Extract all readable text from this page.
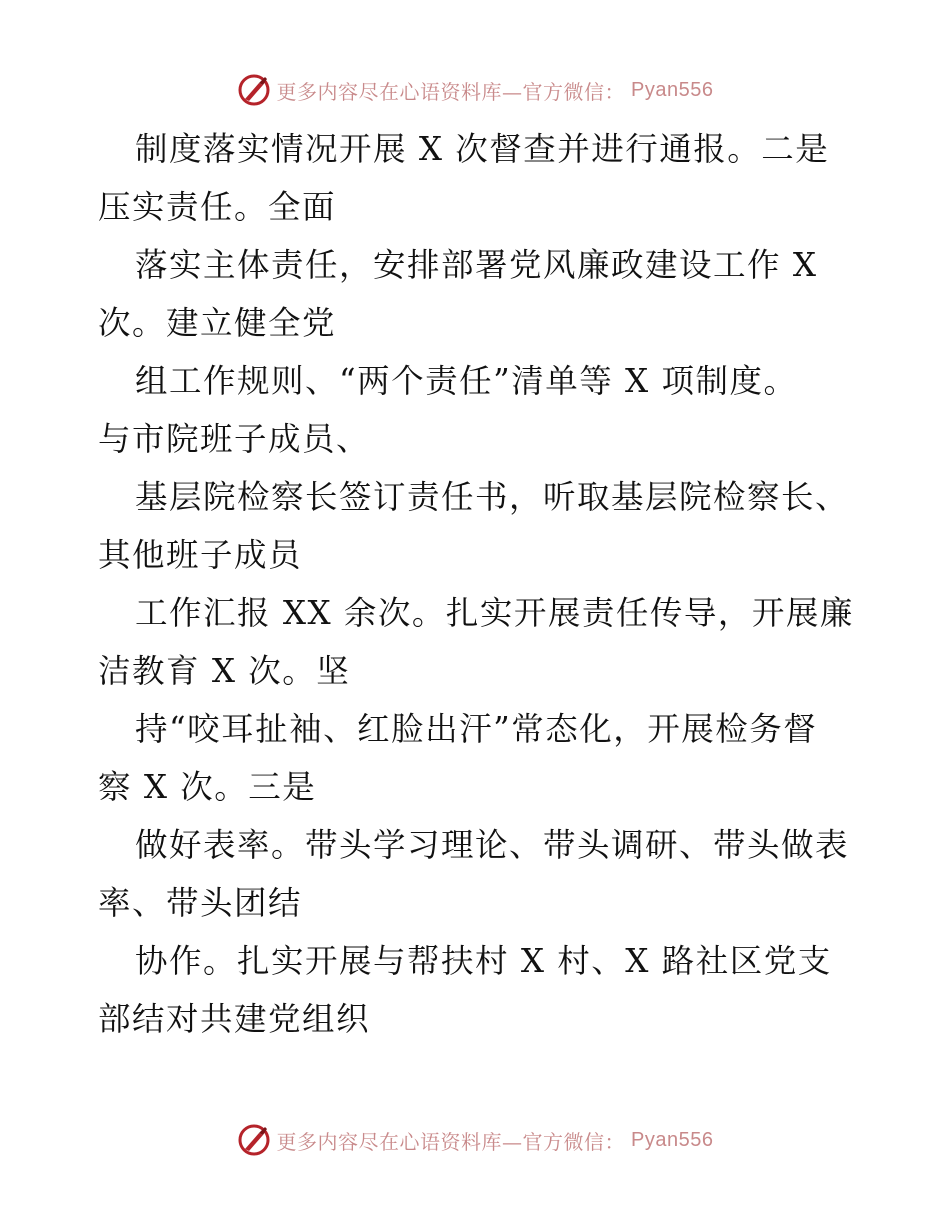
更多内容尽在心语资料库—官方微信： Pyan556
制度落实情况开展 X 次督查并进行通报。二是
压实责任。全面
落实主体责任，安排部署党风廉政建设工作 X
次。建立健全党
组工作规则、“两个责任”清单等 X 项制度。
与市院班子成员、
基层院检察长签订责任书，听取基层院检察长、
其他班子成员
工作汇报 XX 余次。扎实开展责任传导，开展廉
洁教育 X 次。坚
持“咬耳扯袖、红脸出汗”常态化，开展检务督
察 X 次。三是
做好表率。带头学习理论、带头调研、带头做表
率、带头团结
协作。扎实开展与帮扶村 X 村、X 路社区党支
部结对共建党组织
更多内容尽在心语资料库—官方微信： Pyan556
